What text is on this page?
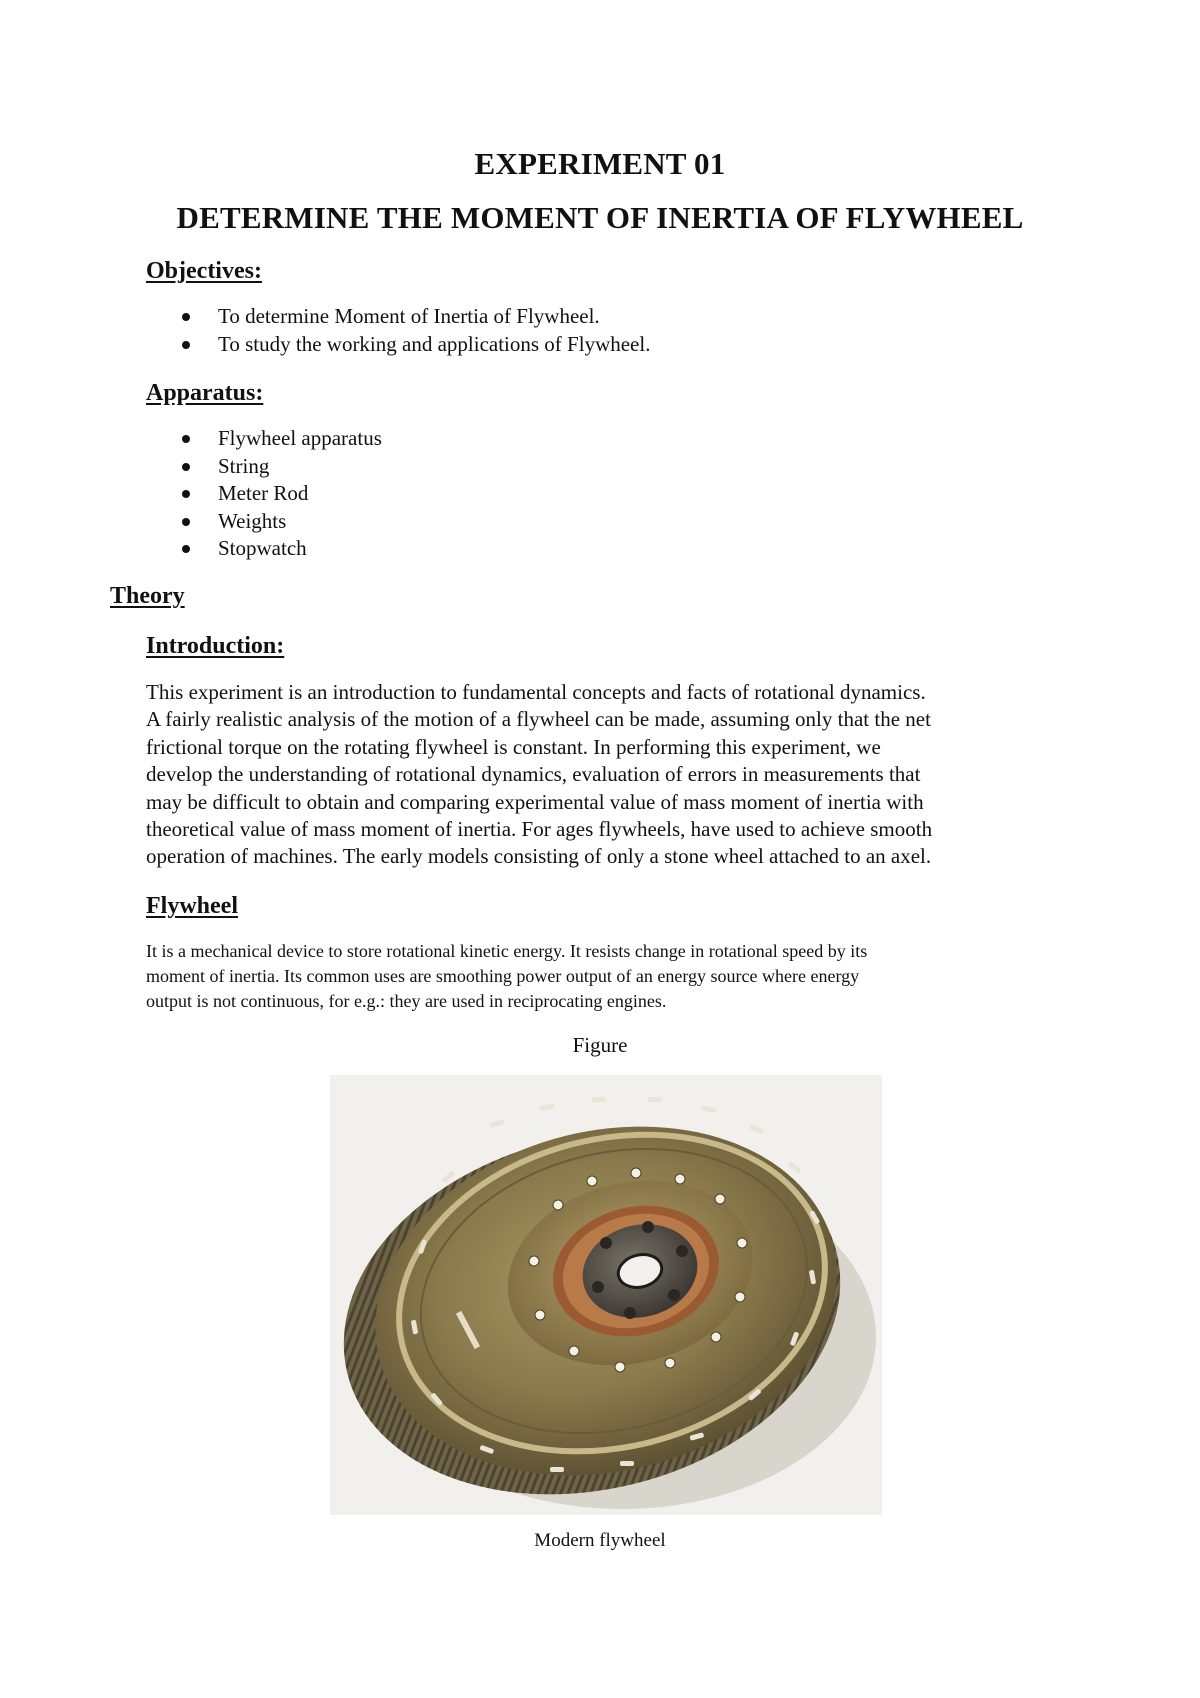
EXPERIMENT 01
DETERMINE THE MOMENT OF INERTIA OF FLYWHEEL
Objectives:
To determine Moment of Inertia of Flywheel.
To study the working and applications of Flywheel.
Apparatus:
Flywheel apparatus
String
Meter Rod
Weights
Stopwatch
Theory
Introduction:
This experiment is an introduction to fundamental concepts and facts of rotational dynamics.
A fairly realistic analysis of the motion of a flywheel can be made, assuming only that the net
frictional torque on the rotating flywheel is constant. In performing this experiment, we
develop the understanding of rotational dynamics, evaluation of errors in measurements that
may be difficult to obtain and comparing experimental value of mass moment of inertia with
theoretical value of mass moment of inertia. For ages flywheels, have used to achieve smooth
operation of machines. The early models consisting of only a stone wheel attached to an axel.
Flywheel
It is a mechanical device to store rotational kinetic energy. It resists change in rotational speed by its
moment of inertia. Its common uses are smoothing power output of an energy source where energy
output is not continuous, for e.g.: they are used in reciprocating engines.
Figure
Modern flywheel
